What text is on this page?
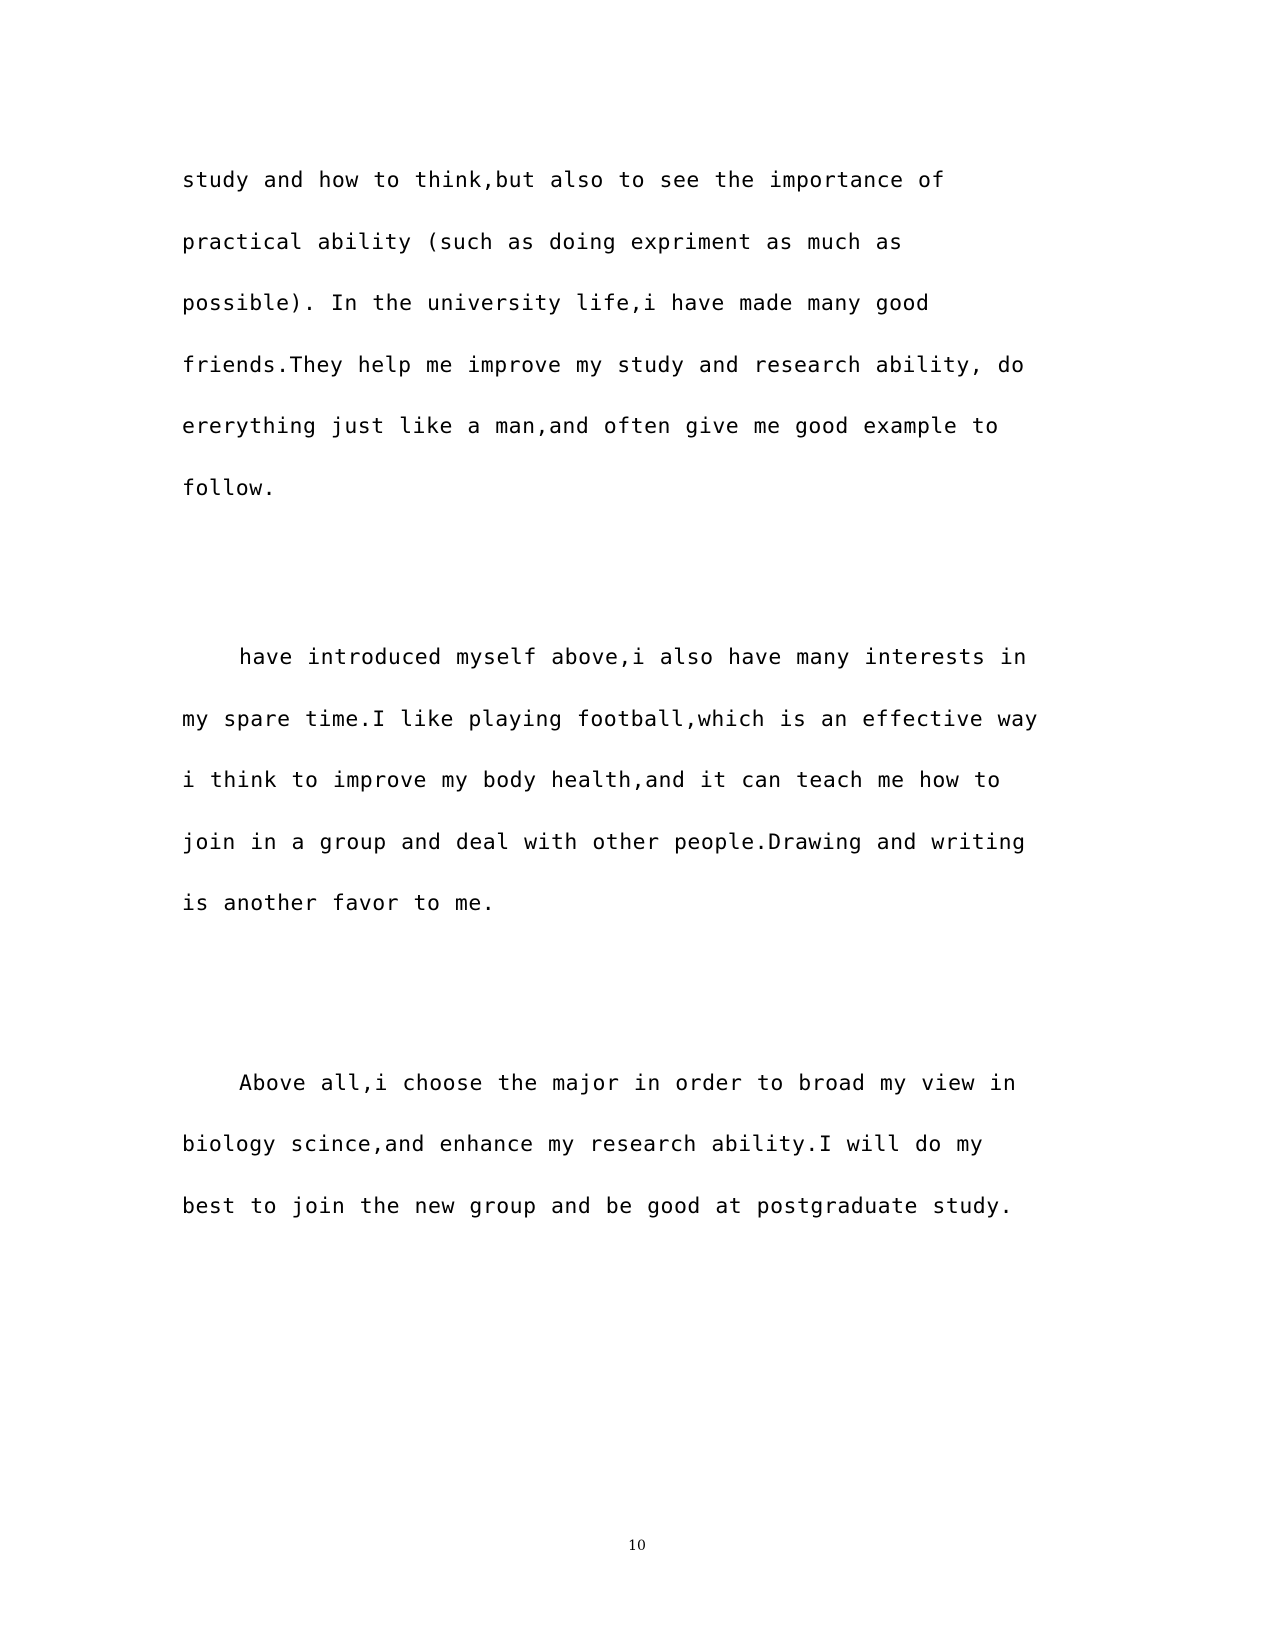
study and how to think,but also to see the importance of practical ability (such as doing expriment as much as possible). In the university life,i have made many good friends.They help me improve my study and research ability, do ererything just like a man,and often give me good example to follow.
have introduced myself above,i also have many interests in my spare time.I like playing football,which is an effective way i think to improve my body health,and it can teach me how to join in a group and deal with other people.Drawing and writing is another favor to me.
Above all,i choose the major in order to broad my view in biology scince,and enhance my research ability.I will do my best to join the new group and be good at postgraduate study.
10
